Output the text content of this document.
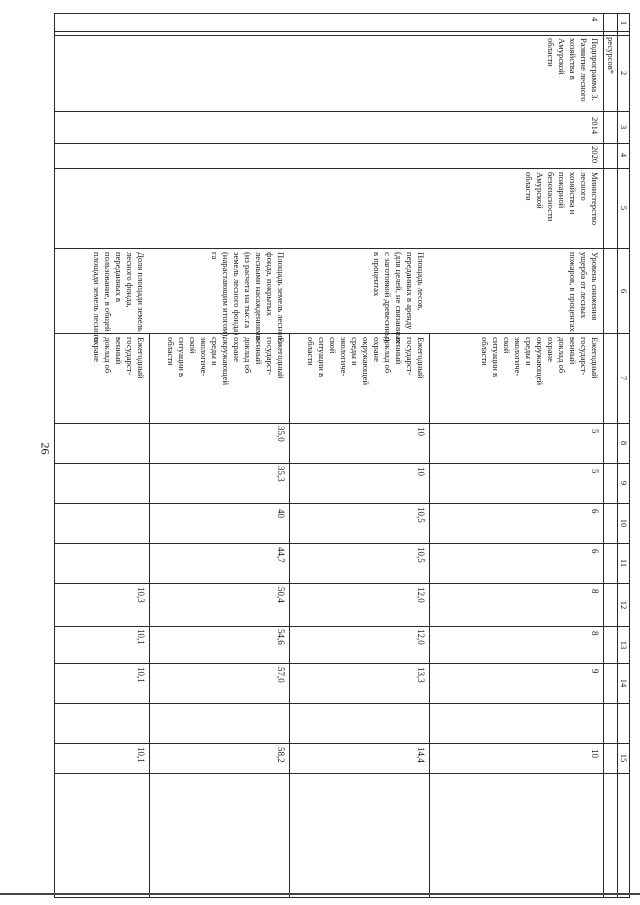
26
1
2
3
4
5
6
7
8
9
10
11
12
13
14
15
ресурсов*
4
Подпрограмма 3.
Развитие лесного
хозяйства в
Амурской
области
2014
2020
Министерство
лесного
хозяйства и
пожарной
безопасности
Амурской
области
Уровень снижения
ущерба от лесных
пожаров, в процентах
Ежегодный
государст-
венный
доклад об
охране
окружающей
среды и
экологиче-
ской
ситуации в
области
5
5
6
6
8
8
9
10
Площадь лесов,
переданных в аренду
(для целей, не связанных
с заготовкой древесины),
в процентах
Ежегодный
государст-
венный
доклад об
охране
окружающей
среды и
экологиче-
ской
ситуации в
области
10
10
10,5
10,5
12,0
12,0
13,3
14,4
Площадь земель лесного
фонда, покрытых
лесными насаждениями
(из расчета на тыс.га
земель лесного фонда)
(нарастающим итогом),
га
Ежегодный
государст-
венный
доклад об
охране
окружающей
среды и
экологиче-
ской
ситуации в
области
35,0
35,3
40
44,7
50,4
54,6
57,0
58,2
Доля площади земель
лесного фонда,
переданных в
пользование, в общей
площади земель лесного
Ежегодный
государст-
венный
доклад об
охране
10,3
10,1
10,1
10,1
